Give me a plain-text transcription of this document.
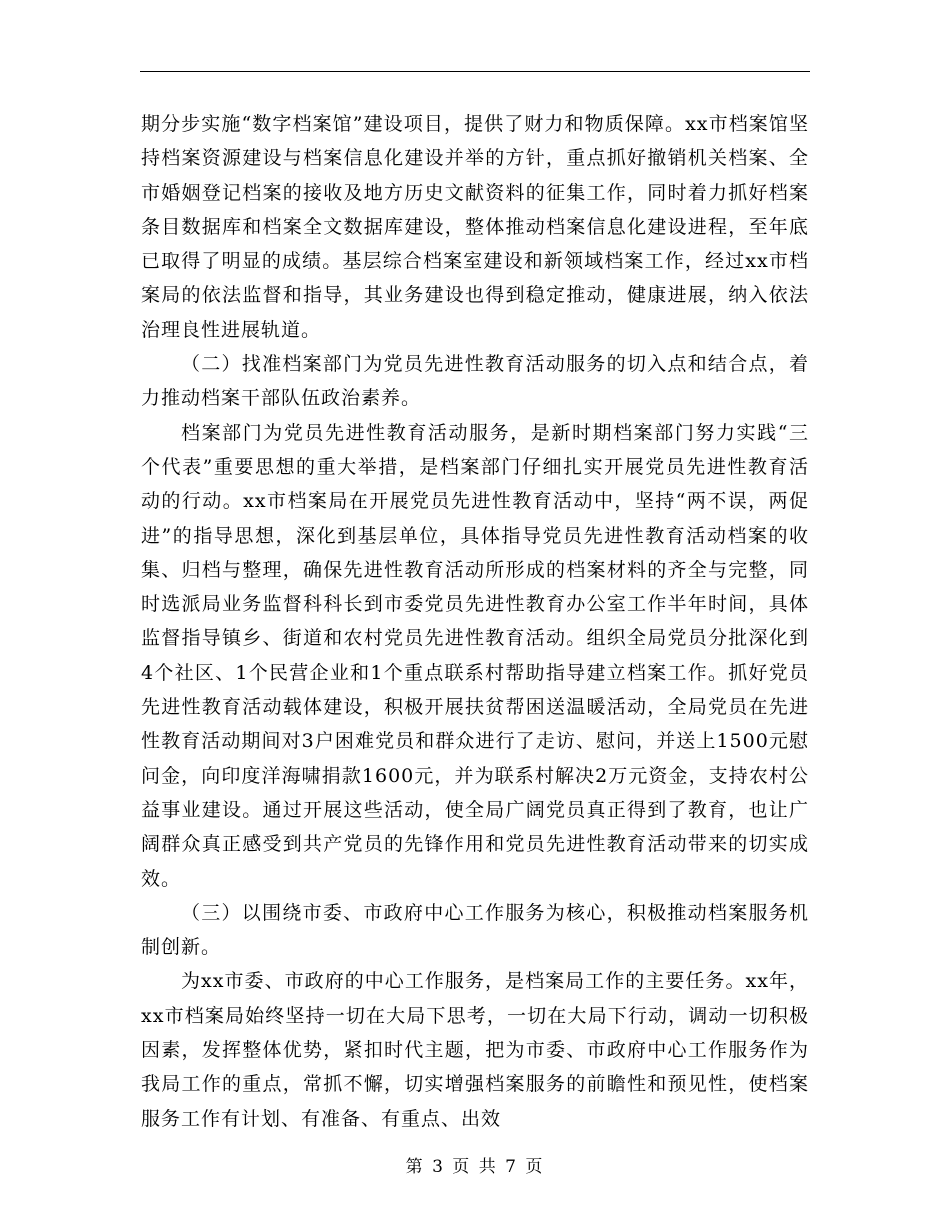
期分步实施“数字档案馆”建设项目，提供了财力和物质保障。xx市档案馆坚持档案资源建设与档案信息化建设并举的方针，重点抓好撤销机关档案、全市婚姻登记档案的接收及地方历史文献资料的征集工作，同时着力抓好档案条目数据库和档案全文数据库建设，整体推动档案信息化建设进程，至年底已取得了明显的成绩。基层综合档案室建设和新领域档案工作，经过xx市档案局的依法监督和指导，其业务建设也得到稳定推动，健康进展，纳入依法治理良性进展轨道。

（二）找准档案部门为党员先进性教育活动服务的切入点和结合点，着力推动档案干部队伍政治素养。

档案部门为党员先进性教育活动服务，是新时期档案部门努力实践“三个代表”重要思想的重大举措，是档案部门仔细扎实开展党员先进性教育活动的行动。xx市档案局在开展党员先进性教育活动中，坚持“两不误，两促进”的指导思想，深化到基层单位，具体指导党员先进性教育活动档案的收集、归档与整理，确保先进性教育活动所形成的档案材料的齐全与完整，同时选派局业务监督科科长到市委党员先进性教育办公室工作半年时间，具体监督指导镇乡、街道和农村党员先进性教育活动。组织全局党员分批深化到4个社区、1个民营企业和1个重点联系村帮助指导建立档案工作。抓好党员先进性教育活动载体建设，积极开展扶贫帮困送温暖活动，全局党员在先进性教育活动期间对3户困难党员和群众进行了走访、慰问，并送上1500元慰问金，向印度洋海啸捐款1600元，并为联系村解决2万元资金，支持农村公益事业建设。通过开展这些活动，使全局广阔党员真正得到了教育，也让广阔群众真正感受到共产党员的先锋作用和党员先进性教育活动带来的切实成效。

（三）以围绕市委、市政府中心工作服务为核心，积极推动档案服务机制创新。

为xx市委、市政府的中心工作服务，是档案局工作的主要任务。xx年，xx市档案局始终坚持一切在大局下思考，一切在大局下行动，调动一切积极因素，发挥整体优势，紧扣时代主题，把为市委、市政府中心工作服务作为我局工作的重点，常抓不懈，切实增强档案服务的前瞻性和预见性，使档案服务工作有计划、有准备、有重点、出效

第 3 页 共 7 页
